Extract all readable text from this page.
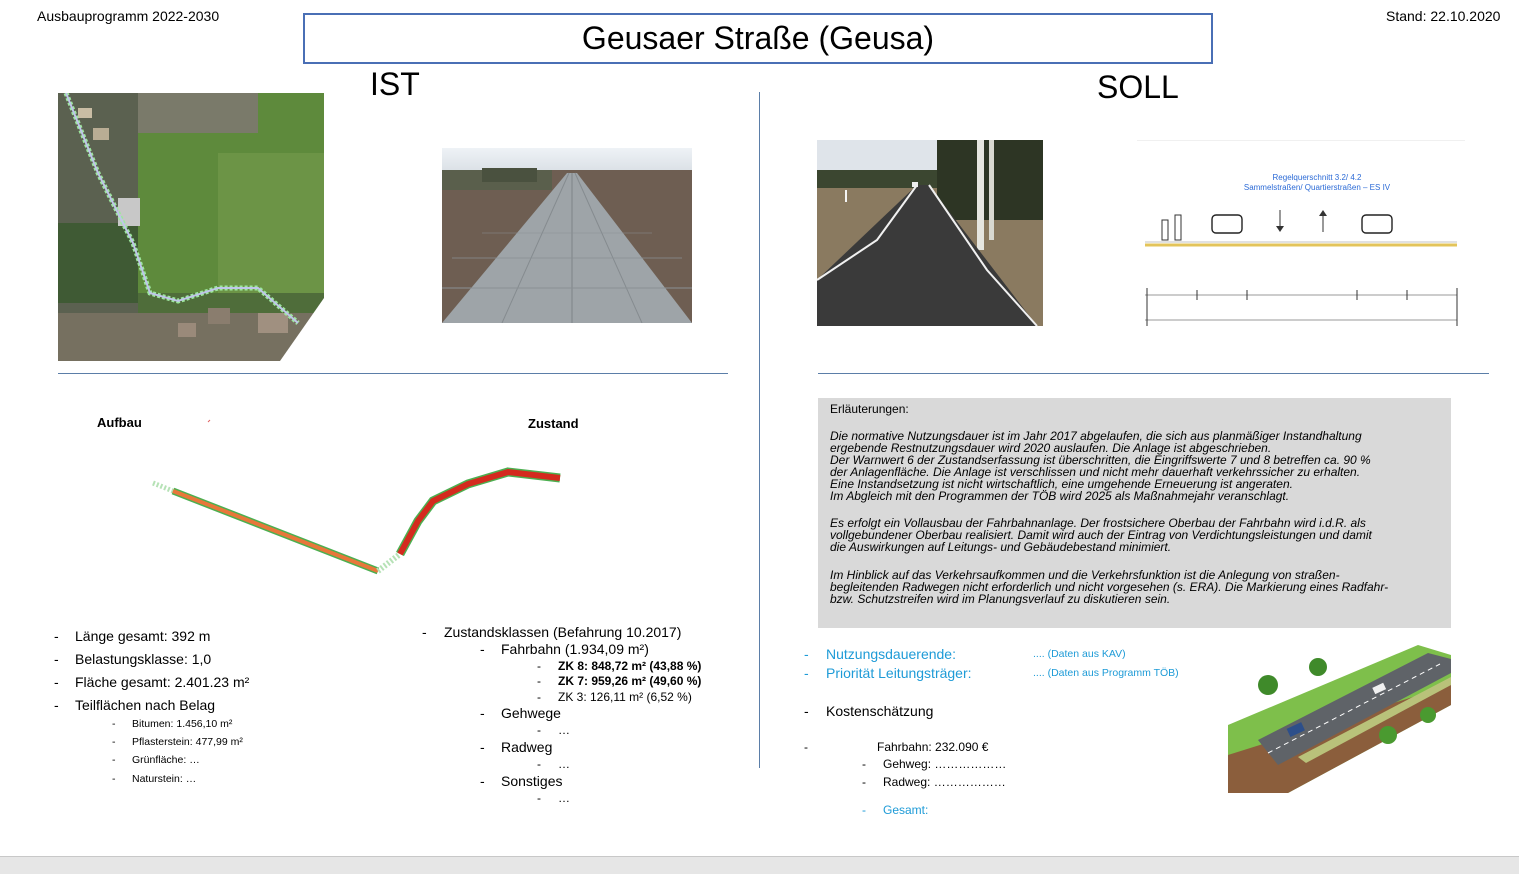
Ausbauprogramm 2022-2030	Stand: 22.10.2020
Geusaer Straße (Geusa)
IST	SOLL
Regelquerschnitt 3.2/ 4.2
Sammelstraßen/ Quartierstraßen – ES IV
Aufbau	Zustand
- Länge gesamt: 392 m
- Belastungsklasse: 1,0
- Fläche gesamt: 2.401.23 m²
- Teilflächen nach Belag
- Bitumen: 1.456,10 m²
- Pflasterstein: 477,99 m²
- Grünfläche: …
- Naturstein: …
- Zustandsklassen (Befahrung 10.2017)
- Fahrbahn (1.934,09 m²)
- ZK 8: 848,72 m² (43,88 %)
- ZK 7: 959,26 m² (49,60 %)
- ZK 3: 126,11 m² (6,52 %)
- Gehwege
- …
- Radweg
- …
- Sonstiges
- …
Erläuterungen:
Die normative Nutzungsdauer ist im Jahr 2017 abgelaufen, die sich aus planmäßiger Instandhaltung
ergebende Restnutzungsdauer wird 2020 auslaufen. Die Anlage ist abgeschrieben.
Der Warnwert 6 der Zustandserfassung ist überschritten, die Eingriffswerte 7 und 8 betreffen ca. 90 %
der Anlagenfläche. Die Anlage ist verschlissen und nicht mehr dauerhaft verkehrssicher zu erhalten.
Eine Instandsetzung ist nicht wirtschaftlich, eine umgehende Erneuerung ist angeraten.
Im Abgleich mit den Programmen der TÖB wird 2025 als Maßnahmejahr veranschlagt.
Es erfolgt ein Vollausbau der Fahrbahnanlage. Der frostsichere Oberbau der Fahrbahn wird i.d.R. als
vollgebundener Oberbau realisiert. Damit wird auch der Eintrag von Verdichtungsleistungen und damit
die Auswirkungen auf Leitungs- und Gebäudebestand minimiert.
Im Hinblick auf das Verkehrsaufkommen und die Verkehrsfunktion ist die Anlegung von straßen-
begleitenden Radwegen nicht erforderlich und nicht vorgesehen (s. ERA). Die Markierung eines Radfahr-
bzw. Schutzstreifen wird im Planungsverlauf zu diskutieren sein.
- Nutzungsdauerende:	.... (Daten aus KAV)
- Priorität Leitungsträger:	.... (Daten aus Programm TÖB)
- Kostenschätzung
-	Fahrbahn: 232.090 €
- Gehweg: ………………
- Radweg: ………………
- Gesamt:
